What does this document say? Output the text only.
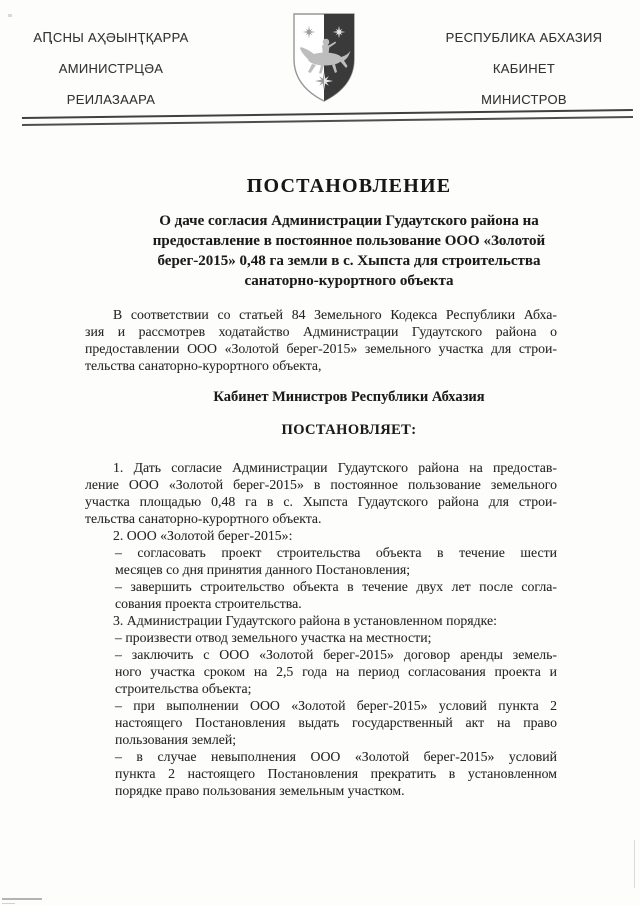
АԤСНЫ АҲӘЫНҬҚАРРА
АМИНИСТРЦӘА
РЕИЛАЗААРА
РЕСПУБЛИКА АБХАЗИЯ
КАБИНЕТ
МИНИСТРОВ
ПОСТАНОВЛЕНИЕ
О даче согласия Администрации Гудаутского района на
предоставление в постоянное пользование ООО «Золотой
берег-2015» 0,48 га земли в с. Хыпста для строительства
санаторно-курортного объекта
В соответствии со статьей 84 Земельного Кодекса Республики Абха-
зия и рассмотрев ходатайство Администрации Гудаутского района о
предоставлении ООО «Золотой берег-2015» земельного участка для строи-
тельства санаторно-курортного объекта,
Кабинет Министров Республики Абхазия
ПОСТАНОВЛЯЕТ:
1. Дать согласие Администрации Гудаутского района на предостав-
ление ООО «Золотой берег-2015» в постоянное пользование земельного
участка площадью 0,48 га в с. Хыпста Гудаутского района для строи-
тельства санаторно-курортного объекта.
2. ООО «Золотой берег-2015»:
– согласовать проект строительства объекта в течение шести
месяцев со дня принятия данного Постановления;
– завершить строительство объекта в течение двух лет после согла-
сования проекта строительства.
3. Администрации Гудаутского района в установленном порядке:
– произвести отвод земельного участка на местности;
– заключить с ООО «Золотой берег-2015» договор аренды земель-
ного участка сроком на 2,5 года на период согласования проекта и
строительства объекта;
– при выполнении ООО «Золотой берег-2015» условий пункта 2
настоящего Постановления выдать государственный акт на право
пользования землей;
– в случае невыполнения ООО «Золотой берег-2015» условий
пункта 2 настоящего Постановления прекратить в установленном
порядке право пользования земельным участком.
